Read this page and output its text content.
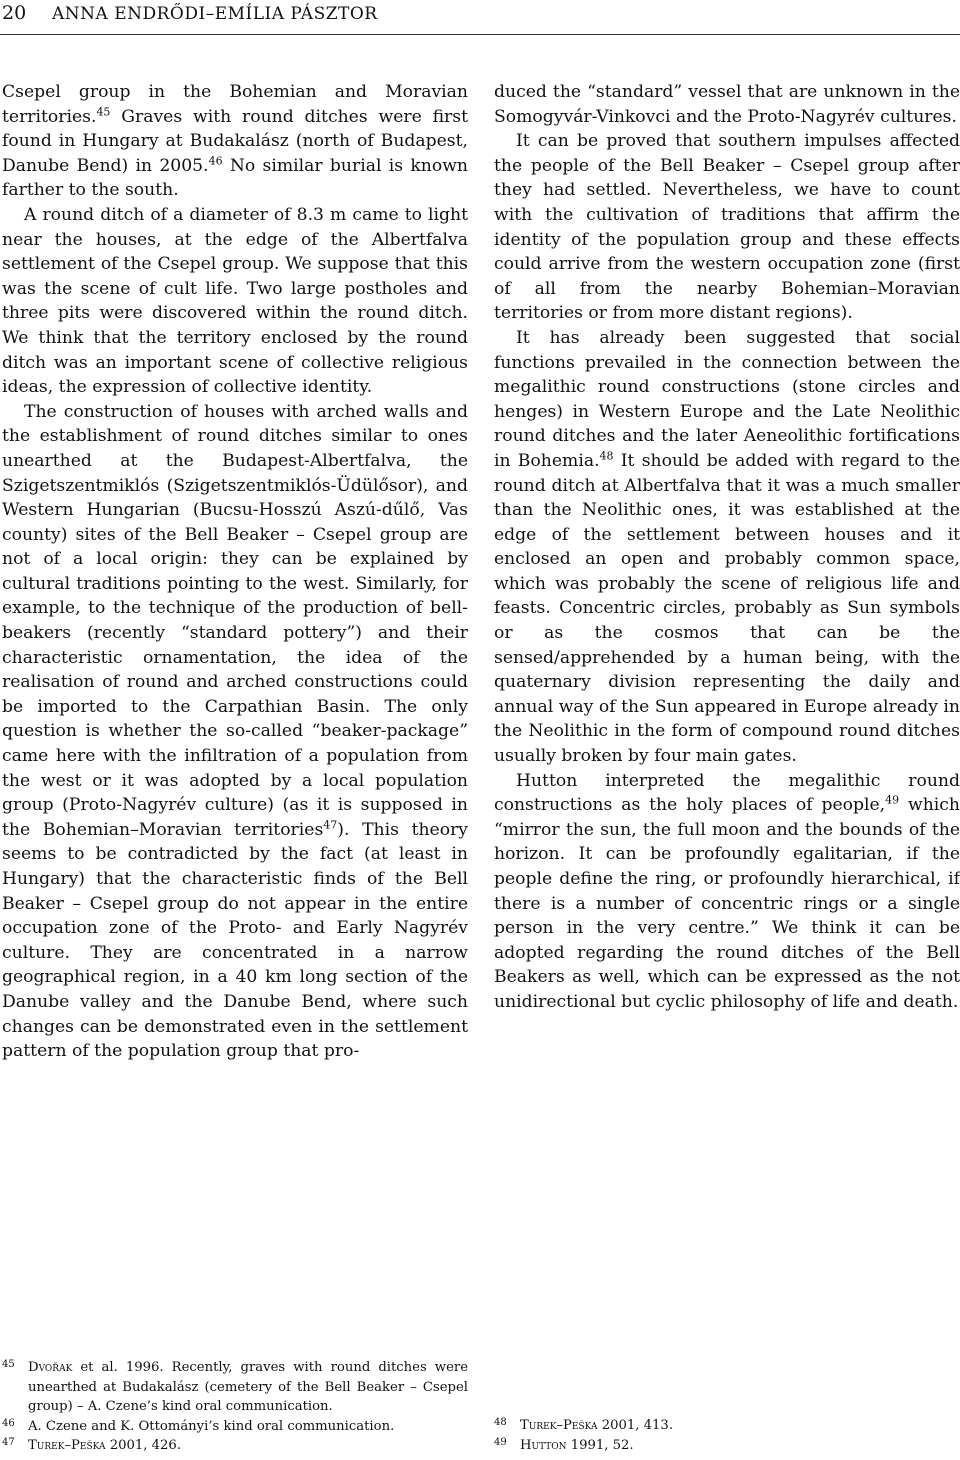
20 ANNA ENDRŐDI–EMÍLIA PÁSZTOR

Csepel group in the Bohemian and Moravian territories.$^{45}$ Graves with round ditches were first found in Hungary at Budakalász (north of Budapest, Danube Bend) in 2005.46 No similar burial is known farther to the south.

A round ditch of a diameter of 8.3 m came to light near the houses, at the edge of the Albertfalva settlement of the Csepel group. We suppose that this was the scene of cult life. Two large postholes and three pits were discovered within the round ditch. We think that the territory enclosed by the round ditch was an important scene of collective religious ideas, the expression of collective identity.

The construction of houses with arched walls and the establishment of round ditches similar to ones unearthed at the Budapest-Albertfalva, the Szigetszentmiklós (Szigetszentmiklós-Üdülősor), and Western Hungarian (Bucsu-Hosszú Aszú-dűlő, Vas county) sites of the Bell Beaker – Csepel group are not of a local origin: they can be explained by cultural traditions pointing to the west. Similarly, for example, to the technique of the production of bell-beakers (recently “standard pottery”) and their characteristic ornamentation, the idea of the realisation of round and arched constructions could be imported to the Carpathian Basin. The only question is whether the so-called “beaker-package” came here with the infiltration of a population from the west or it was adopted by a local population group (Proto-Nagyrév culture) (as it is supposed in the Bohemian–Moravian territories$^{47}$). This theory seems to be contradicted by the fact (at least in Hungary) that the characteristic finds of the Bell Beaker – Csepel group do not appear in the entire occupation zone of the Proto- and Early Nagyrév culture. They are concentrated in a narrow geographical region, in a 40 km long section of the Danube valley and the Danube Bend, where such changes can be demonstrated even in the settlement pattern of the population group that pro-

duced the “standard” vessel that are unknown in the Somogyvár-Vinkovci and the Proto-Nagyrév cultures.

It can be proved that southern impulses affected the people of the Bell Beaker – Csepel group after they had settled. Nevertheless, we have to count with the cultivation of traditions that affirm the identity of the population group and these effects could arrive from the western occupation zone (first of all from the nearby Bohemian–Moravian territories or from more distant regions).

It has already been suggested that social functions prevailed in the connection between the megalithic round constructions (stone circles and henges) in Western Europe and the Late Neolithic round ditches and the later Aeneolithic fortifications in Bohemia.$^{48}$ It should be added with regard to the round ditch at Albertfalva that it was a much smaller than the Neolithic ones, it was established at the edge of the settlement between houses and it enclosed an open and probably common space, which was probably the scene of religious life and feasts. Concentric circles, probably as Sun symbols or as the cosmos that can be the sensed/apprehended by a human being, with the quaternary division representing the daily and annual way of the Sun appeared in Europe already in the Neolithic in the form of compound round ditches usually broken by four main gates.

Hutton interpreted the megalithic round constructions as the holy places of people,$^{49}$ which “mirror the sun, the full moon and the bounds of the horizon. It can be profoundly egalitarian, if the people define the ring, or profoundly hierarchical, if there is a number of concentric rings or a single person in the very centre.” We think it can be adopted regarding the round ditches of the Bell Beakers as well, which can be expressed as the not unidirectional but cyclic philosophy of life and death.

45 Dvořak et al. 1996. Recently, graves with round ditches were unearthed at Budakalász (cemetery of the Bell Beaker – Csepel group) – A. Czene’s kind oral communication.
46 A. Czene and K. Ottományi’s kind oral communication.
47 Turek–Peška 2001, 426.
48 Turek–Peška 2001, 413.
49 Hutton 1991, 52.
